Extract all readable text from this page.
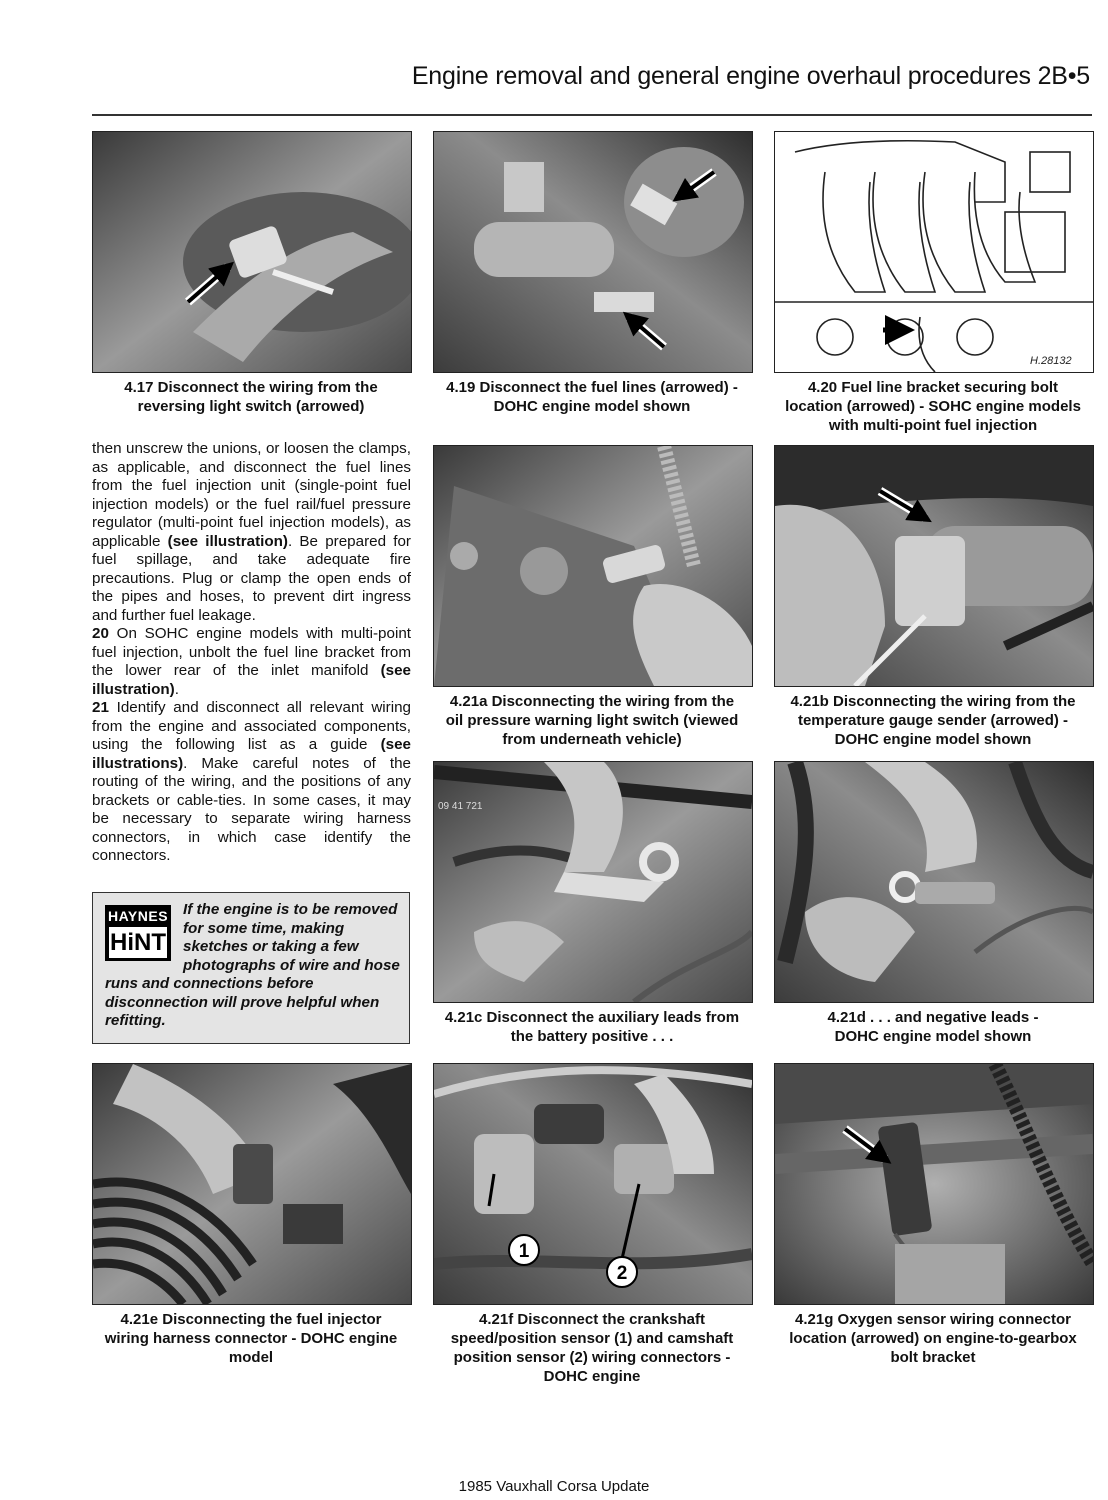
Engine removal and general engine overhaul procedures 2B•5
4.17 Disconnect the wiring from the
reversing light switch (arrowed)
4.19 Disconnect the fuel lines (arrowed) -
DOHC engine model shown
H.28132
4.20 Fuel line bracket securing bolt
location (arrowed) - SOHC engine models
with multi-point fuel injection

then unscrew the unions, or loosen the clamps, as applicable, and disconnect the fuel lines from the fuel injection unit (single-point fuel injection models) or the fuel rail/fuel pressure regulator (multi-point fuel injection models), as applicable (see illustration). Be prepared for fuel spillage, and take adequate fire precautions. Plug or clamp the open ends of the pipes and hoses, to prevent dirt ingress and further fuel leakage.

20 On SOHC engine models with multi-point fuel injection, unbolt the fuel line bracket from the lower rear of the inlet manifold (see illustration).

21 Identify and disconnect all relevant wiring from the engine and associated components, using the following list as a guide (see illustrations). Make careful notes of the routing of the wiring, and the positions of any brackets or cable-ties. In some cases, it may be necessary to separate wiring harness connectors, in which case identify the connectors.

HAYNES
HiNT
If the engine is to be removed for some time, making sketches or taking a few photographs of wire and hose runs and connections before disconnection will prove helpful when refitting.
4.21a Disconnecting the wiring from the
oil pressure warning light switch (viewed
from underneath vehicle)
4.21b Disconnecting the wiring from the
temperature gauge sender (arrowed) -
DOHC engine model shown
09 41 721
4.21c Disconnect the auxiliary leads from
the battery positive . . .
4.21d . . . and negative leads -
DOHC engine model shown
4.21e Disconnecting the fuel injector
wiring harness connector - DOHC engine
model
1
2
4.21f Disconnect the crankshaft
speed/position sensor (1) and camshaft
position sensor (2) wiring connectors -
DOHC engine
4.21g Oxygen sensor wiring connector
location (arrowed) on engine-to-gearbox
bolt bracket
1985 Vauxhall Corsa Update
